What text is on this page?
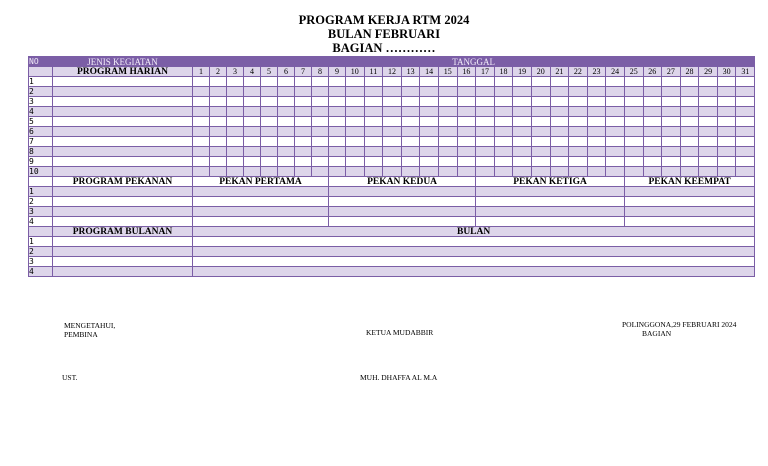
PROGRAM KERJA RTM 2024
BULAN FEBRUARI
BAGIAN …………
NO	JENIS KEGIATAN	TANGGAL																														
	PROGRAM HARIAN	1	2	3	4	5	6	7	8	9	10	11	12	13	14	15	16	17	18	19	20	21	22	23	24	25	26	27	28	29	30	31
1																																
2																																
3																																
4																																
5																																
6																																
7																																
8																																
9																																
10																																
	PROGRAM PEKANAN	PEKAN PERTAMA								PEKAN KEDUA								PEKAN KETIGA								PEKAN KEEMPAT						
1																																
2																																
3																																
4																																
	PROGRAM BULANAN	BULAN																														
1																																
2																																
3																																
4																																
MENGETAHUI,
PEMBINA	KETUA MUDABBIR
POLINGGONA,29 FEBRUARI 2024
BAGIAN
UST.	MUH. DHAFFA AL M.A
